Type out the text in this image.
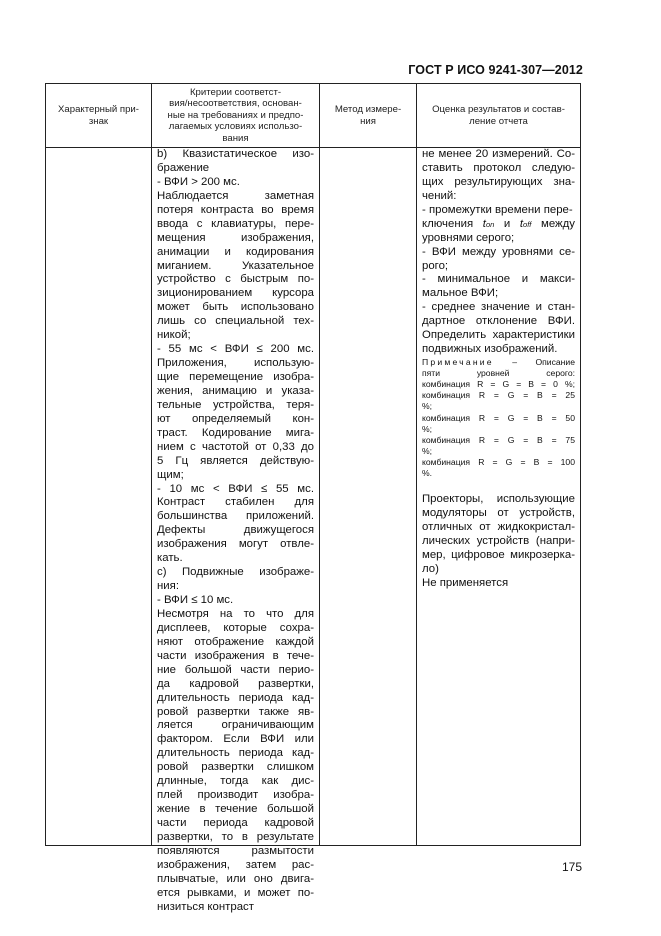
ГОСТ Р ИСО 9241-307—2012
Характерный при-
знак
Критерии соответст-
вия/несоответствия, основан-
ные на требованиях и предпо-
лагаемых условиях использо-
вания
Метод измере-
ния
Оценка результатов и состав-
ление отчета
b) Квазистатическое изо-
бражение
- ВФИ > 200 мс.
Наблюдается заметная
потеря контраста во время
ввода с клавиатуры, пере-
мещения изображения,
анимации и кодирования
миганием. Указательное
устройство с быстрым по-
зиционированием курсора
может быть использовано
лишь со специальной тех-
никой;
- 55 мс < ВФИ ≤ 200 мс.
Приложения, использую-
щие перемещение изобра-
жения, анимацию и указа-
тельные устройства, теря-
ют определяемый кон-
траст. Кодирование мига-
нием с частотой от 0,33 до
5 Гц является действую-
щим;
- 10 мс < ВФИ ≤ 55 мс.
Контраст стабилен для
большинства приложений.
Дефекты движущегося
изображения могут отвле-
кать.
с) Подвижные изображе-
ния:
- ВФИ ≤ 10 мс.
Несмотря на то что для
дисплеев, которые сохра-
няют отображение каждой
части изображения в тече-
ние большой части перио-
да кадровой развертки,
длительность периода кад-
ровой развертки также яв-
ляется ограничивающим
фактором. Если ВФИ или
длительность периода кад-
ровой развертки слишком
длинные, тогда как дис-
плей производит изобра-
жение в течение большой
части периода кадровой
развертки, то в результате
появляются размытости
изображения, затем рас-
плывчатые, или оно двига-
ется рывками, и может по-
низиться контраст
не менее 20 измерений. Со-
ставить протокол следую-
щих результирующих зна-
чений:
- промежутки времени пере-
ключения ton и toff между
уровнями серого;
- ВФИ между уровнями се-
рого;
- минимальное и макси-
мальное ВФИ;
- среднее значение и стан-
дартное отклонение ВФИ.
Определить характеристики
подвижных изображений.
Примечание – Описание
пяти уровней серого:
комбинация R = G = B = 0 %;
комбинация R = G = B = 25
%;
комбинация R = G = B = 50
%;
комбинация R = G = B = 75
%;
комбинация R = G = B = 100
%.
Проекторы, использующие
модуляторы от устройств,
отличных от жидкокристал-
лических устройств (напри-
мер, цифровое микрозерка-
ло)
Не применяется
175
